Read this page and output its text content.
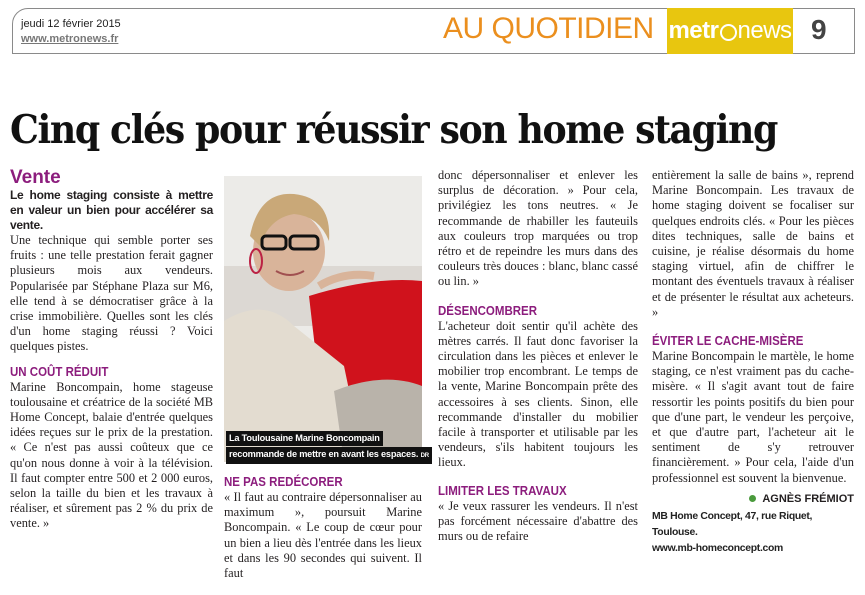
jeudi 12 février 2015
www.metronews.fr	AU QUOTIDIEN metr news 9
Cinq clés pour réussir son home staging
Vente

Le home staging consiste à mettre en valeur un bien pour accélérer sa vente.

Une technique qui semble porter ses fruits : une telle prestation ferait gagner plusieurs mois aux vendeurs. Popularisée par Stéphane Plaza sur M6, elle tend à se démocratiser grâce à la crise immobilière. Quelles sont les clés d'un home staging réussi ? Voici quelques pistes.

UN COÛT RÉDUIT

Marine Boncompain, home stageuse toulousaine et créatrice de la société MB Home Concept, balaie d'entrée quelques idées reçues sur le prix de la prestation. « Ce n'est pas aussi coûteux que ce qu'on nous donne à voir à la télévision. Il faut compter entre 500 et 2 000 euros, selon la taille du bien et les travaux à réaliser, et sûrement pas 2 % du prix de vente. »

La Toulousaine Marine Boncompain
recommande de mettre en avant les espaces. DR
NE PAS REDÉCORER

« Il faut au contraire dépersonnaliser au maximum », poursuit Marine Boncompain. « Le coup de cœur pour un bien a lieu dès l'entrée dans les lieux et dans les 90 secondes qui suivent. Il faut

donc dépersonnaliser et enlever les surplus de décoration. » Pour cela, privilégiez les tons neutres. « Je recommande de rhabiller les fauteuils aux couleurs trop marquées ou trop rétro et de repeindre les murs dans des couleurs très douces : blanc, blanc cassé ou lin. »

DÉSENCOMBRER

L'acheteur doit sentir qu'il achète des mètres carrés. Il faut donc favoriser la circulation dans les pièces et enlever le mobilier trop encombrant. Le temps de la vente, Marine Boncompain prête des accessoires à ses clients. Sinon, elle recommande d'installer du mobilier facile à transporter et utilisable par les vendeurs, s'ils habitent toujours les lieux.

LIMITER LES TRAVAUX

« Je veux rassurer les vendeurs. Il n'est pas forcément nécessaire d'abattre des murs ou de refaire

entièrement la salle de bains », reprend Marine Boncompain. Les travaux de home staging doivent se focaliser sur quelques endroits clés. « Pour les pièces dites techniques, salle de bains et cuisine, je réalise désormais du home staging virtuel, afin de chiffrer le montant des éventuels travaux à réaliser et de présenter le résultat aux acheteurs. »

ÉVITER LE CACHE-MISÈRE

Marine Boncompain le martèle, le home staging, ce n'est vraiment pas du cache-misère. « Il s'agit avant tout de faire ressortir les points positifs du bien pour que d'une part, le vendeur les perçoive, et que d'autre part, l'acheteur ait le sentiment de s'y retrouver financièrement. » Pour cela, l'aide d'un professionnel est souvent la bienvenue.

AGNÈS FRÉMIOT
MB Home Concept, 47, rue Riquet, Toulouse.
www.mb-homeconcept.com
